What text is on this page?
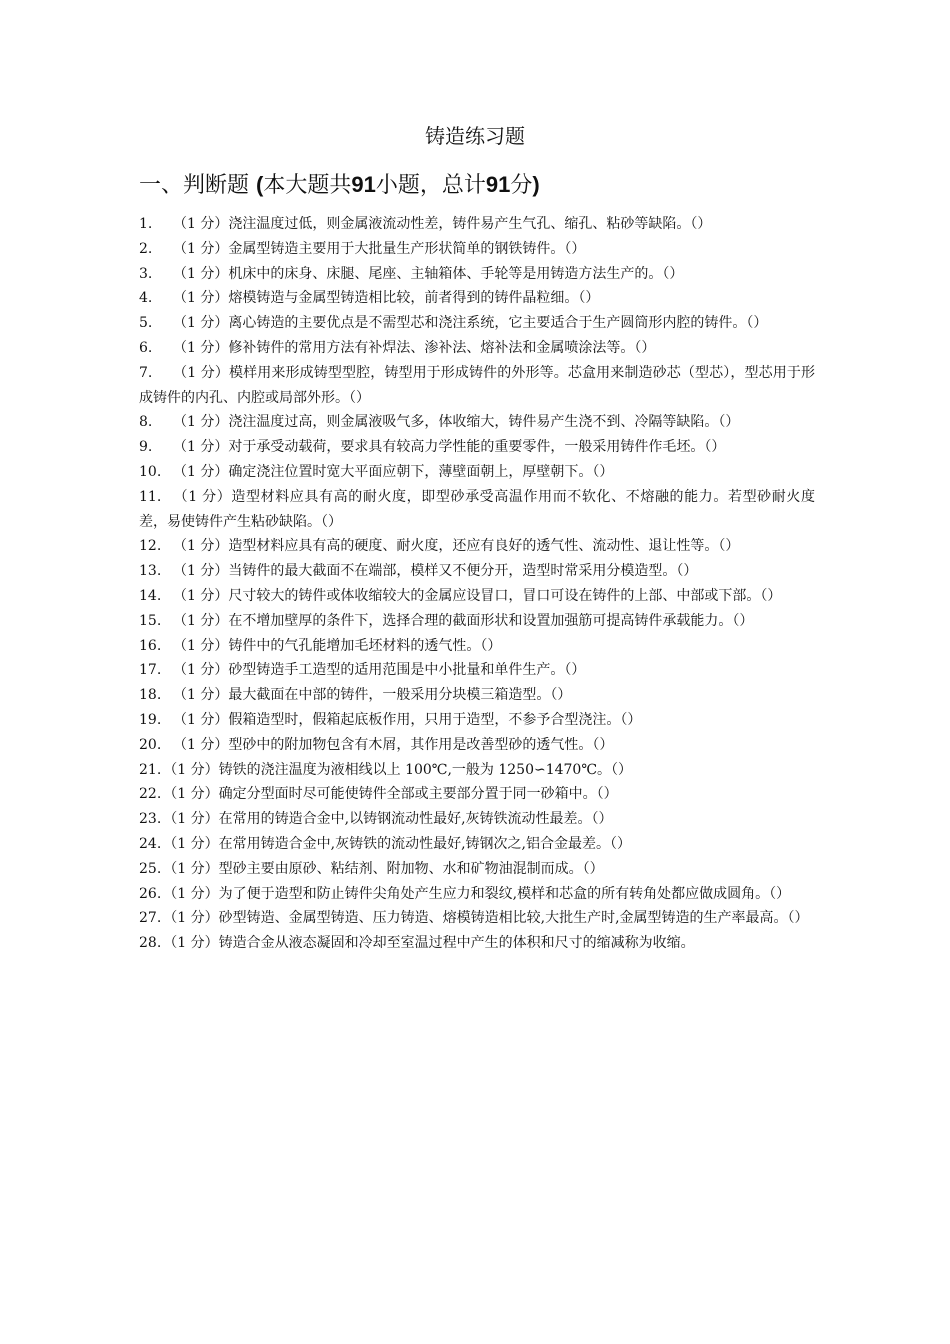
铸造练习题
一、判断题 (本大题共91小题，总计91分)

1. （1 分）浇注温度过低，则金属液流动性差，铸件易产生气孔、缩孔、粘砂等缺陷。（）

2. （1 分）金属型铸造主要用于大批量生产形状简单的钢铁铸件。（）

3. （1 分）机床中的床身、床腿、尾座、主轴箱体、手轮等是用铸造方法生产的。（）

4. （1 分）熔模铸造与金属型铸造相比较，前者得到的铸件晶粒细。（）

5. （1 分）离心铸造的主要优点是不需型芯和浇注系统，它主要适合于生产圆筒形内腔的铸件。（）

6. （1 分）修补铸件的常用方法有补焊法、渗补法、熔补法和金属喷涂法等。（）

7. （1 分）模样用来形成铸型型腔，铸型用于形成铸件的外形等。芯盒用来制造砂芯（型芯），型芯用于形成铸件的内孔、内腔或局部外形。（）

8. （1 分）浇注温度过高，则金属液吸气多，体收缩大，铸件易产生浇不到、冷隔等缺陷。（）

9. （1 分）对于承受动载荷，要求具有较高力学性能的重要零件，一般采用铸件作毛坯。（）

10. （1 分）确定浇注位置时宽大平面应朝下，薄壁面朝上，厚壁朝下。（）

11. （1 分）造型材料应具有高的耐火度，即型砂承受高温作用而不软化、不熔融的能力。若型砂耐火度差，易使铸件产生粘砂缺陷。（）

12. （1 分）造型材料应具有高的硬度、耐火度，还应有良好的透气性、流动性、退让性等。（）

13. （1 分）当铸件的最大截面不在端部，模样又不便分开，造型时常采用分模造型。（）

14. （1 分）尺寸较大的铸件或体收缩较大的金属应设冒口，冒口可设在铸件的上部、中部或下部。（）

15. （1 分）在不增加壁厚的条件下，选择合理的截面形状和设置加强筋可提高铸件承载能力。（）

16. （1 分）铸件中的气孔能增加毛坯材料的透气性。（）

17. （1 分）砂型铸造手工造型的适用范围是中小批量和单件生产。（）

18. （1 分）最大截面在中部的铸件，一般采用分块模三箱造型。（）

19. （1 分）假箱造型时，假箱起底板作用，只用于造型，不参予合型浇注。（）

20. （1 分）型砂中的附加物包含有木屑，其作用是改善型砂的透气性。（）

21. （1 分）铸铁的浇注温度为液相线以上 100℃,一般为 1250∽1470℃。（）

22. （1 分）确定分型面时尽可能使铸件全部或主要部分置于同一砂箱中。（）

23. （1 分）在常用的铸造合金中,以铸钢流动性最好,灰铸铁流动性最差。（）

24. （1 分）在常用铸造合金中,灰铸铁的流动性最好,铸钢次之,铝合金最差。（）

25. （1 分）型砂主要由原砂、粘结剂、附加物、水和矿物油混制而成。（）

26. （1 分）为了便于造型和防止铸件尖角处产生应力和裂纹,模样和芯盒的所有转角处都应做成圆角。（）

27. （1 分）砂型铸造、金属型铸造、压力铸造、熔模铸造相比较,大批生产时,金属型铸造的生产率最高。（）

28. （1 分）铸造合金从液态凝固和冷却至室温过程中产生的体积和尺寸的缩减称为收缩。
